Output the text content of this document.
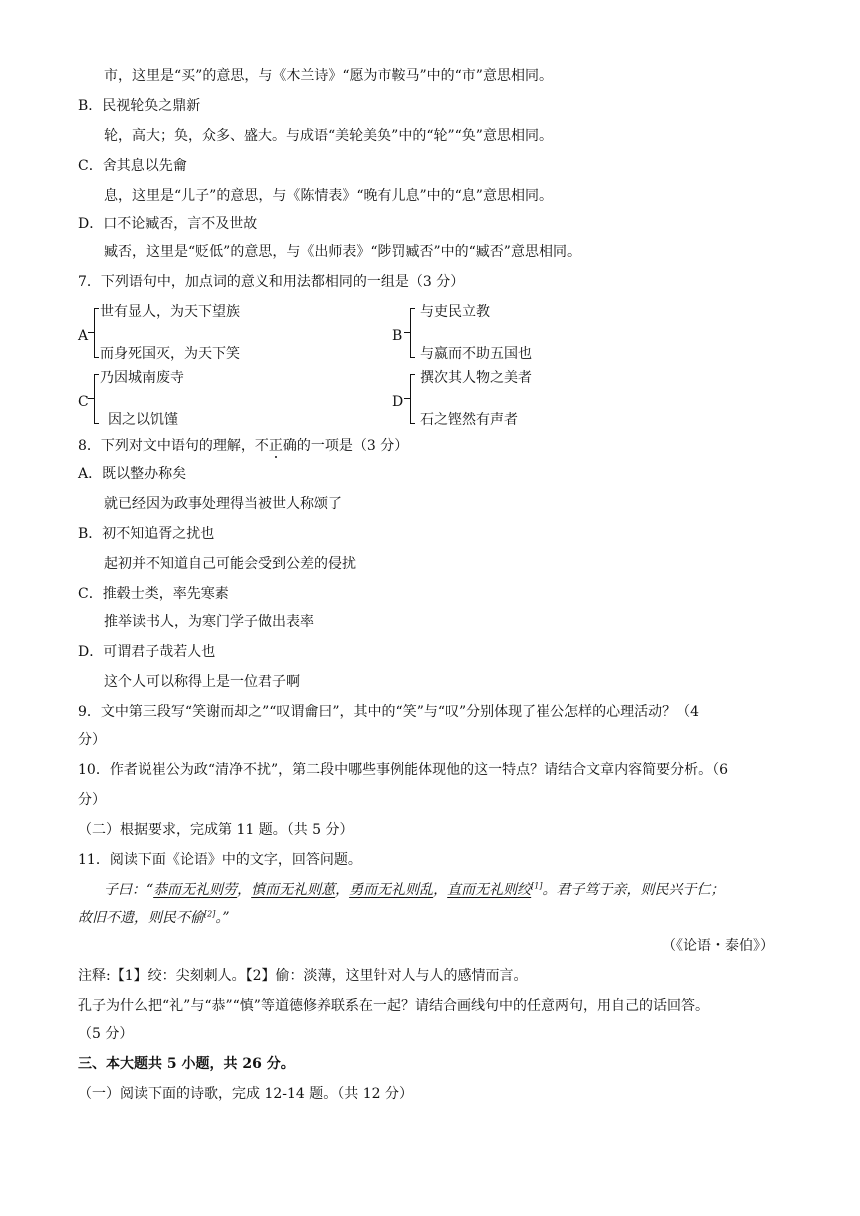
市，这里是“买”的意思，与《木兰诗》“愿为市鞍马”中的“市”意思相同。
B．民视轮奂之鼎新
轮，高大；奂，众多、盛大。与成语“美轮美奂”中的“轮”“奂”意思相同。
C．舍其息以先龠
息，这里是“儿子”的意思，与《陈情表》“晚有儿息”中的“息”意思相同。
D．口不论臧否，言不及世故
臧否，这里是“贬低”的意思，与《出师表》“陟罚臧否”中的“臧否”意思相同。
7．下列语句中，加点词的意义和用法都相同的一组是（3 分）
A
世有显人，为天下望族
而身死国灭，为天下笑
B
与吏民立教
与嬴而不助五国也
C
乃因城南废寺
因之以饥馑
D
撰次其人物之美者
石之铿然有声者
8．下列对文中语句的理解，不正确的一项是（3 分）
A．既以整办称矣
就已经因为政事处理得当被世人称颂了
B．初不知追胥之扰也
起初并不知道自己可能会受到公差的侵扰
C．推毂士类，率先寒素
推举读书人，为寒门学子做出表率
D．可谓君子哉若人也
这个人可以称得上是一位君子啊
9．文中第三段写“笑谢而却之”“叹谓龠曰”，其中的“笑”与“叹”分别体现了崔公怎样的心理活动？（4
分）
10．作者说崔公为政“清净不扰”，第二段中哪些事例能体现他的这一特点？请结合文章内容简要分析。（6
分）
（二）根据要求，完成第 11 题。（共 5 分）
11．阅读下面《论语》中的文字，回答问题。
子曰：“恭而无礼则劳，慎而无礼则葸，勇而无礼则乱，直而无礼则绞[1]。君子笃于亲，则民兴于仁；
故旧不遗，则民不偷[2]。”
（《论语・泰伯》）
注释:【1】绞：尖刻刺人。【2】偷：淡薄，这里针对人与人的感情而言。
孔子为什么把“礼”与“恭”“慎”等道德修养联系在一起？请结合画线句中的任意两句，用自己的话回答。
（5 分）
三、本大题共 5 小题，共 26 分。
（一）阅读下面的诗歌，完成 12-14 题。（共 12 分）
